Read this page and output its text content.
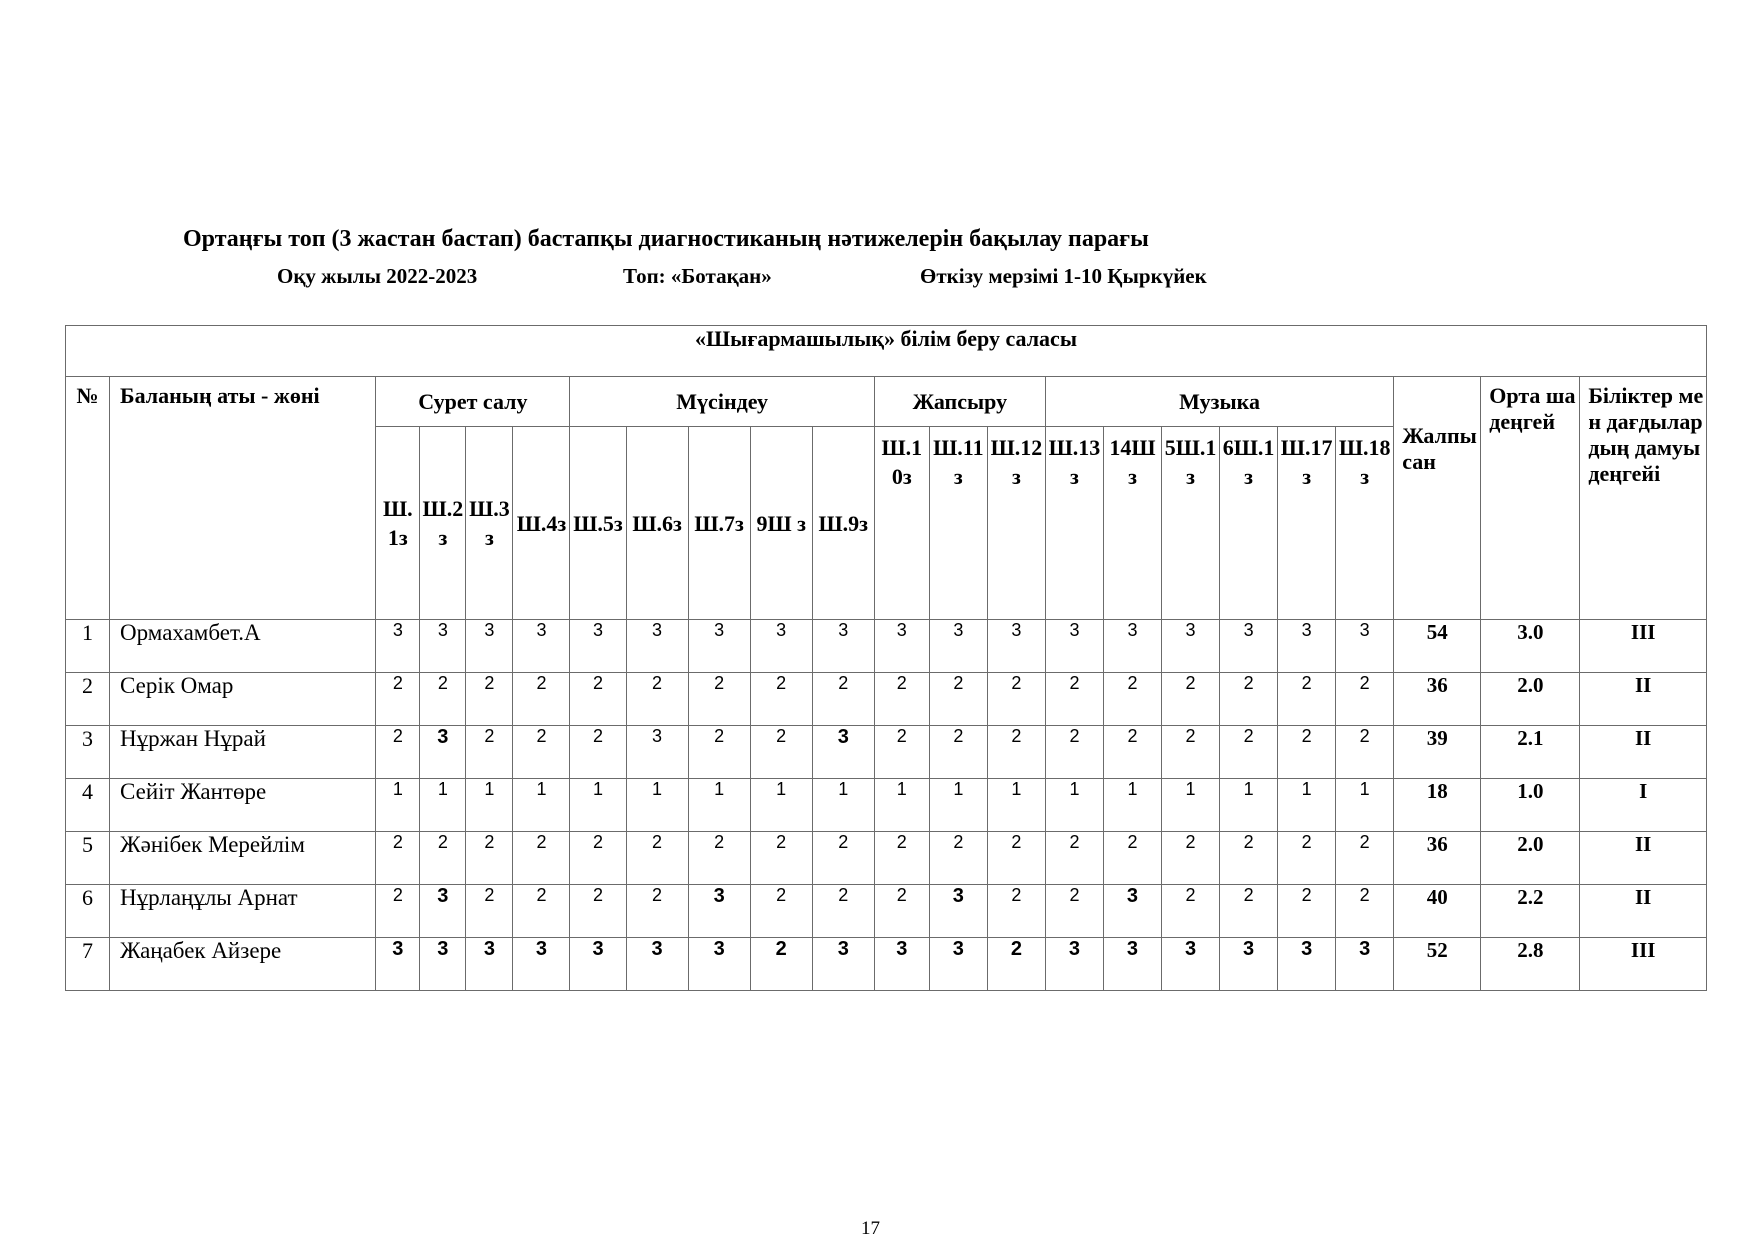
Ортаңғы топ (3 жастан бастап) бастапқы диагностиканың нәтижелерін бақылау парағы
Оқу жылы 2022-2023	Топ: «Ботақан»	Өткізу мерзімі 1-10 Қыркүйек
«Шығармашылық» білім беру саласы																						
№	Баланың аты - жөні	Сурет салу				Мүсіндеу					Жапсыру			Музыка						Жалпы сан	Орта ша деңгей	Біліктер мен дағдылардың дамуы деңгейі
		Ш.1з	Ш.2з	Ш.3з	Ш.4з	Ш.5з	Ш.6з	Ш.7з	9Ш з	Ш.9з	Ш.10з	Ш.11з	Ш.12з	Ш.13з	14Ш з	5Ш.1з	6Ш.1з	Ш.17з	Ш.18з			
1	Ормахамбет.А	3	3	3	3	3	3	3	3	3	3	3	3	3	3	3	3	3	3	54	3.0	III
2	Серік Омар	2	2	2	2	2	2	2	2	2	2	2	2	2	2	2	2	2	2	36	2.0	II
3	Нұржан Нұрай	2	3	2	2	2	3	2	2	3	2	2	2	2	2	2	2	2	2	39	2.1	II
4	Сейіт Жантөре	1	1	1	1	1	1	1	1	1	1	1	1	1	1	1	1	1	1	18	1.0	I
5	Жәнібек Мерейлім	2	2	2	2	2	2	2	2	2	2	2	2	2	2	2	2	2	2	36	2.0	II
6	Нұрлаңұлы Арнат	2	3	2	2	2	2	3	2	2	2	3	2	2	3	2	2	2	2	40	2.2	II
7	Жаңабек Айзере	3	3	3	3	3	3	3	2	3	3	3	2	3	3	3	3	3	3	52	2.8	III
17
